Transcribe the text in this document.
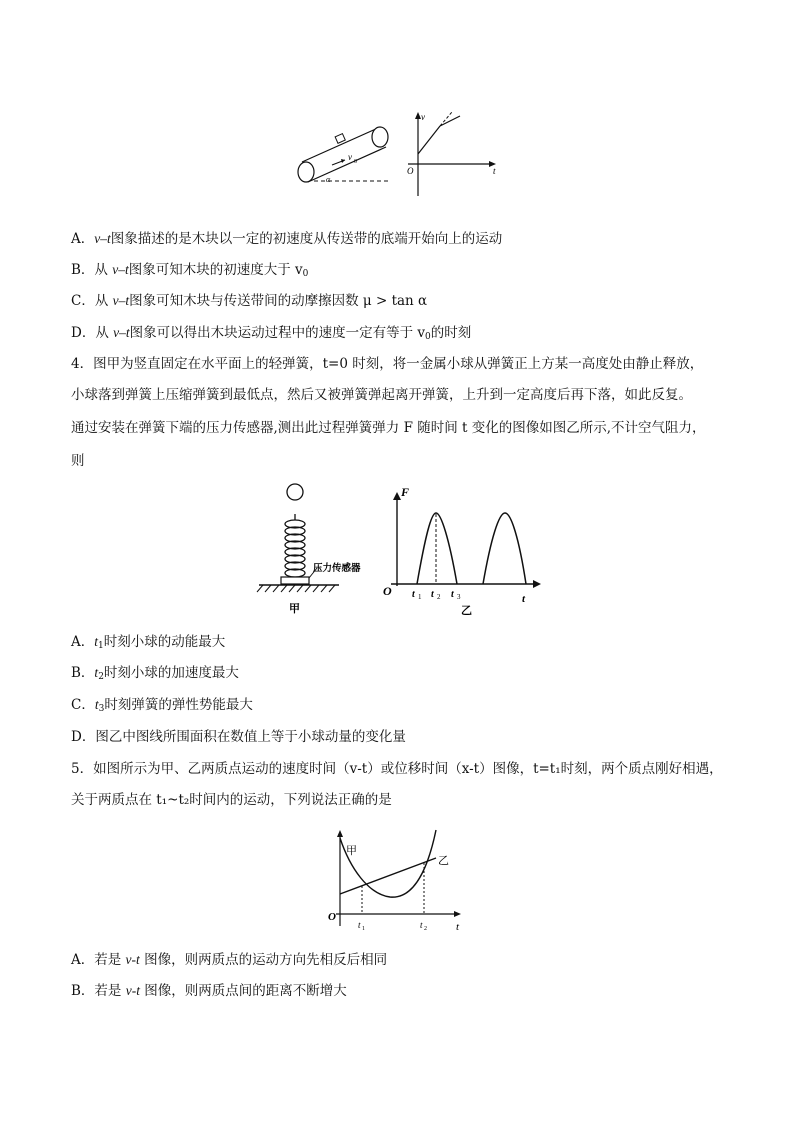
v 0
α
v
t
O
A．v–t图象描述的是木块以一定的初速度从传送带的底端开始向上的运动
B．从 v–t图象可知木块的初速度大于 $v_0$
C．从 v–t图象可知木块与传送带间的动摩擦因数 μ > tan α
D．从 v–t图象可以得出木块运动过程中的速度一定有等于 $v_0$的时刻
4．图甲为竖直固定在水平面上的轻弹簧，t=0 时刻，将一金属小球从弹簧正上方某一高度处由静止释放，
小球落到弹簧上压缩弹簧到最低点，然后又被弹簧弹起离开弹簧，上升到一定高度后再下落，如此反复。
通过安装在弹簧下端的压力传感器,测出此过程弹簧弹力 F 随时间 t 变化的图像如图乙所示,不计空气阻力，
则
压力传感器
甲
F
t
O t 1 t 2 t 3
乙
A．$t_1$时刻小球的动能最大
B．$t_2$时刻小球的加速度最大
C．$t_3$时刻弹簧的弹性势能最大
D．图乙中图线所围面积在数值上等于小球动量的变化量
5．如图所示为甲、乙两质点运动的速度时间（v-t）或位移时间（x-t）图像，t=t₁时刻，两个质点刚好相遇，
关于两质点在 t₁~t₂时间内的运动，下列说法正确的是
甲
乙
O
t
t 1	t 2
A．若是 v-t 图像，则两质点的运动方向先相反后相同
B．若是 v-t 图像，则两质点间的距离不断增大
